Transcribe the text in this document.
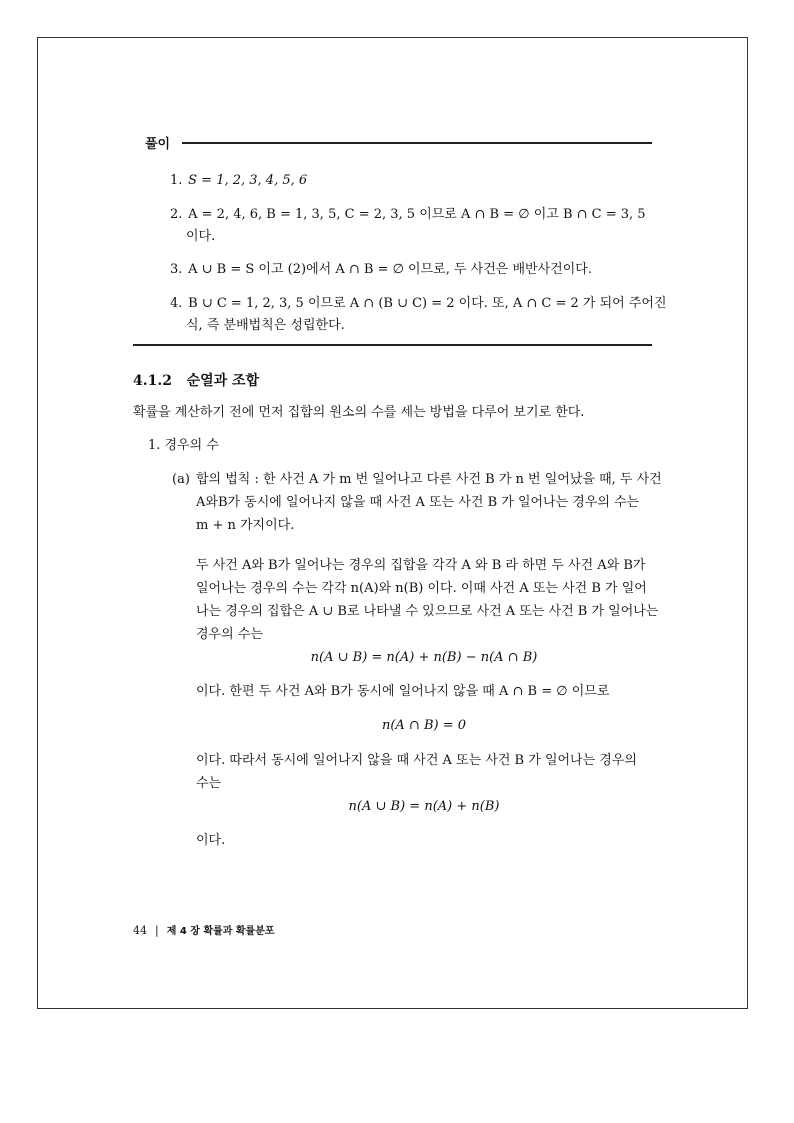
풀이
1. S = 1, 2, 3, 4, 5, 6
2. A = 2, 4, 6, B = 1, 3, 5, C = 2, 3, 5 이므로 A ∩ B = ∅ 이고 B ∩ C = 3, 5
이다.
3. A ∪ B = S 이고 (2)에서 A ∩ B = ∅ 이므로, 두 사건은 배반사건이다.
4. B ∪ C = 1, 2, 3, 5 이므로 A ∩ (B ∪ C) = 2 이다. 또, A ∩ C = 2 가 되어 주어진
식, 즉 분배법칙은 성립한다.
4.1.2 순열과 조합
확률을 계산하기 전에 먼저 집합의 원소의 수를 세는 방법을 다루어 보기로 한다.
1. 경우의 수
(a) 합의 법칙 : 한 사건 A 가 m 번 일어나고 다른 사건 B 가 n 번 일어났을 때, 두 사건
A와B가 동시에 일어나지 않을 때 사건 A 또는 사건 B 가 일어나는 경우의 수는
m + n 가지이다.
두 사건 A와 B가 일어나는 경우의 집합을 각각 A 와 B 라 하면 두 사건 A와 B가
일어나는 경우의 수는 각각 n(A)와 n(B) 이다. 이때 사건 A 또는 사건 B 가 일어
나는 경우의 집합은 A ∪ B로 나타낼 수 있으므로 사건 A 또는 사건 B 가 일어나는
경우의 수는
n(A ∪ B) = n(A) + n(B) − n(A ∩ B)
이다. 한편 두 사건 A와 B가 동시에 일어나지 않을 때 A ∩ B = ∅ 이므로
n(A ∩ B) = 0
이다. 따라서 동시에 일어나지 않을 때 사건 A 또는 사건 B 가 일어나는 경우의
수는
n(A ∪ B) = n(A) + n(B)
이다.
44 | 제 4 장 확률과 확률분포
